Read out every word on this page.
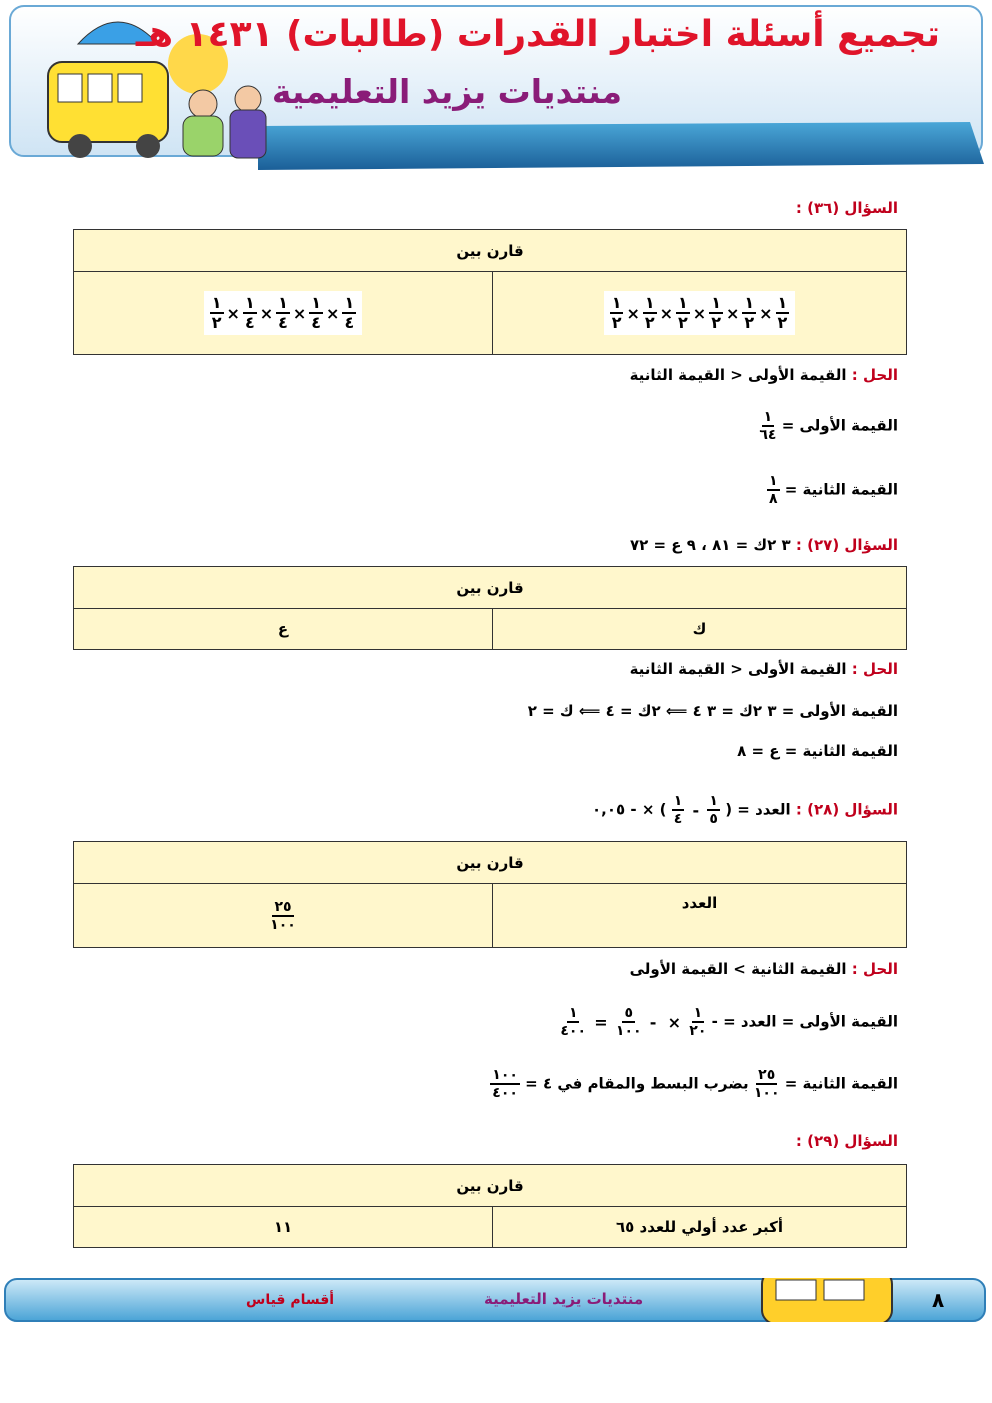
تجميع أسئلة اختبار القدرات (طالبات) ١٤٣١ هـ
منتديات يزيد التعليمية
السؤال (٣٦) :
قارن بين

$\frac{١}{٢} \times \frac{١}{٤} \times \frac{١}{٤} \times \frac{١}{٤} \times \frac{١}{٤}$	$\frac{١}{٢} \times \frac{١}{٢} \times \frac{١}{٢} \times \frac{١}{٢} \times \frac{١}{٢} \times \frac{١}{٢}$
الحل : القيمة الأولى < القيمة الثانية
القيمة الأولى =
$\frac{١}{٦٤}$
القيمة الثانية =
$\frac{١}{٨}$
السؤال (٢٧) : ٣ ٢ك = ٨١ ، ٩ ع = ٧٢
قارن بين
ع	ك
الحل : القيمة الأولى < القيمة الثانية
القيمة الأولى = ٣ ٢ك = ٣ ٤ ⟸ ٢ك = ٤ ⟸ ك = ٢
القيمة الثانية = ع = ٨
السؤال (٢٨) : العدد = (
$\frac{١}{٥}$
-
$\frac{١}{٤}$
) × - ٠,٠٥
قارن بين

$\frac{٢٥}{١٠٠}$	العدد
الحل : القيمة الثانية > القيمة الأولى
القيمة الأولى = العدد = -
$\frac{١}{٢٠}$
× -
$\frac{٥}{١٠٠}$
=
$\frac{١}{٤٠٠}$
القيمة الثانية =
$\frac{٢٥}{١٠٠}$
بضرب البسط والمقام في ٤ =
$\frac{١٠٠}{٤٠٠}$
السؤال (٢٩) :
قارن بين
١١	أكبر عدد أولي للعدد ٦٥
منتديات يزيد التعليمية
أقسام قياس	٨
